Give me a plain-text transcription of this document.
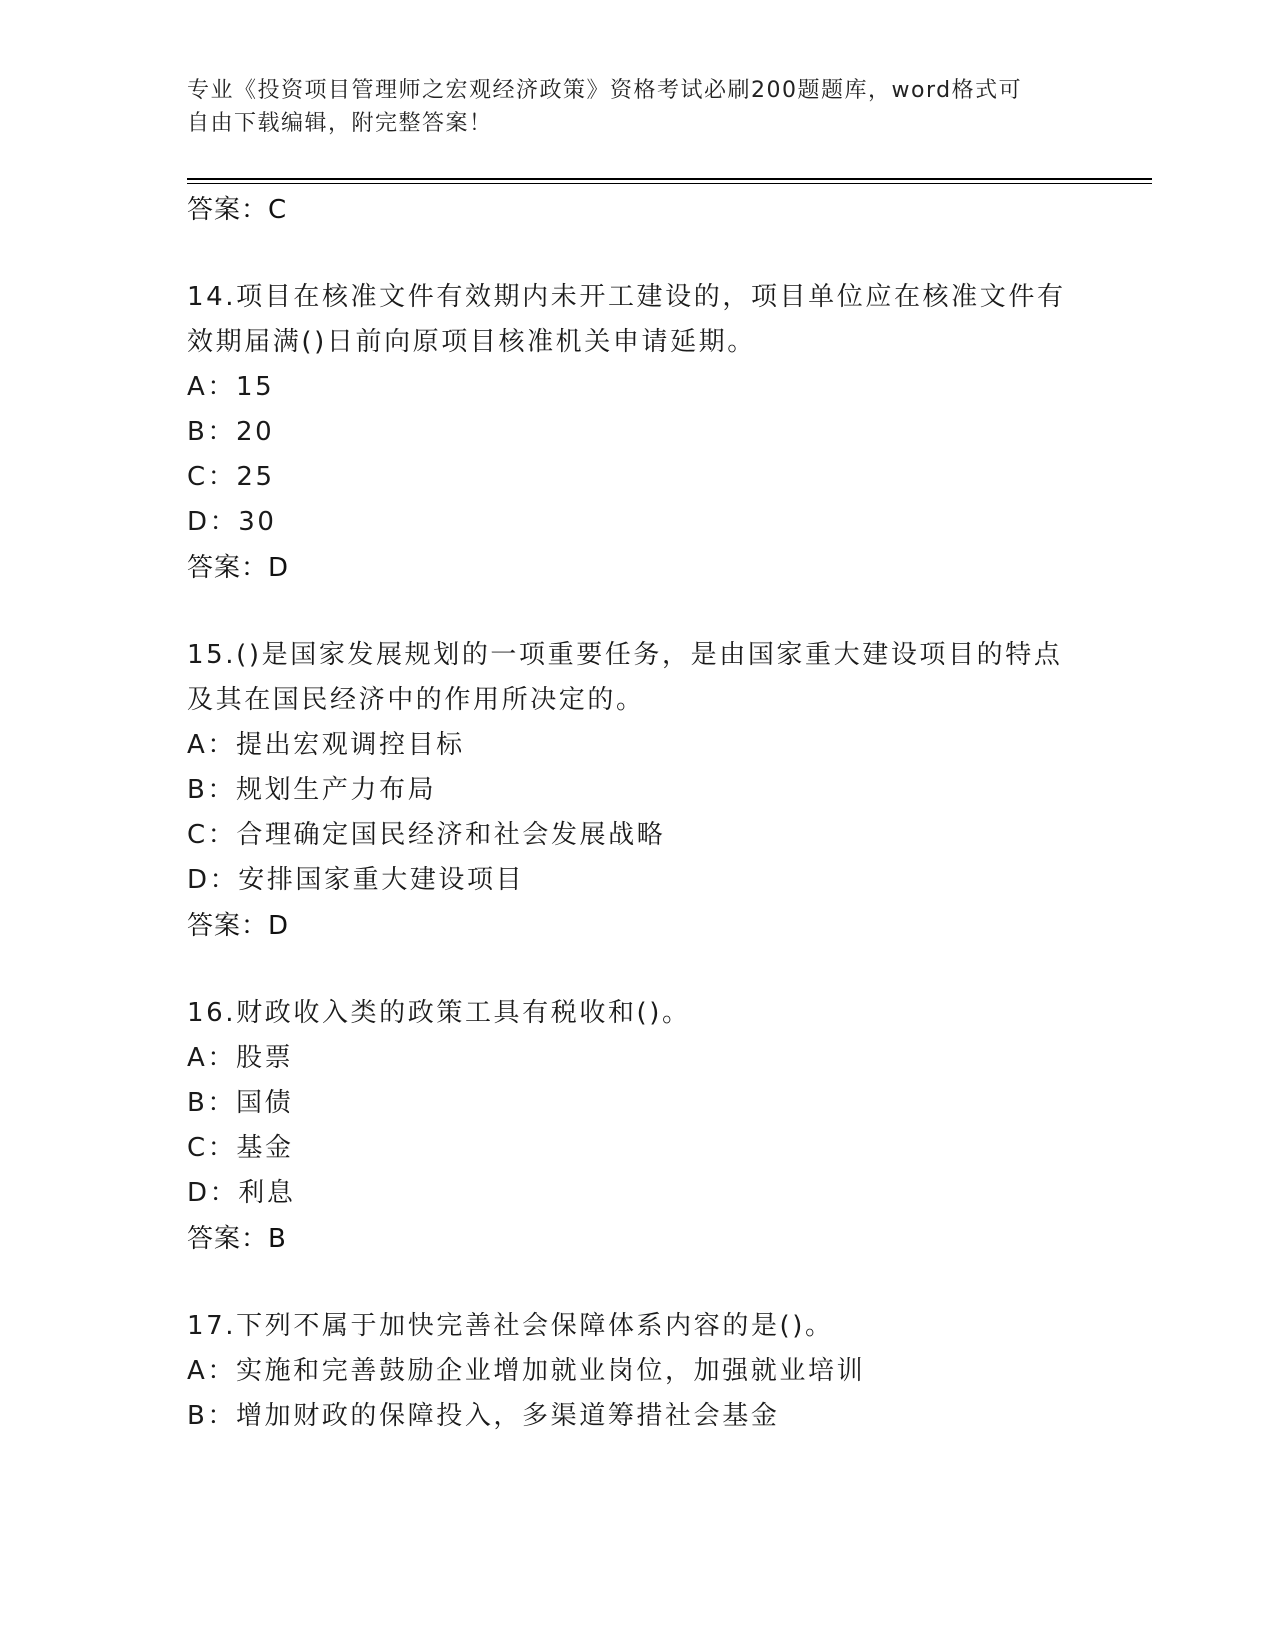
专业《投资项目管理师之宏观经济政策》资格考试必刷200题题库，word格式可
自由下载编辑，附完整答案！

答案：C

14.项目在核准文件有效期内未开工建设的，项目单位应在核准文件有

效期届满()日前向原项目核准机关申请延期。

A：15

B：20

C：25

D：30

答案：D

15.()是国家发展规划的一项重要任务，是由国家重大建设项目的特点

及其在国民经济中的作用所决定的。

A：提出宏观调控目标

B：规划生产力布局

C：合理确定国民经济和社会发展战略

D：安排国家重大建设项目

答案：D

16.财政收入类的政策工具有税收和()。

A：股票

B：国债

C：基金

D：利息

答案：B

17.下列不属于加快完善社会保障体系内容的是()。

A：实施和完善鼓励企业增加就业岗位，加强就业培训

B：增加财政的保障投入，多渠道筹措社会基金
